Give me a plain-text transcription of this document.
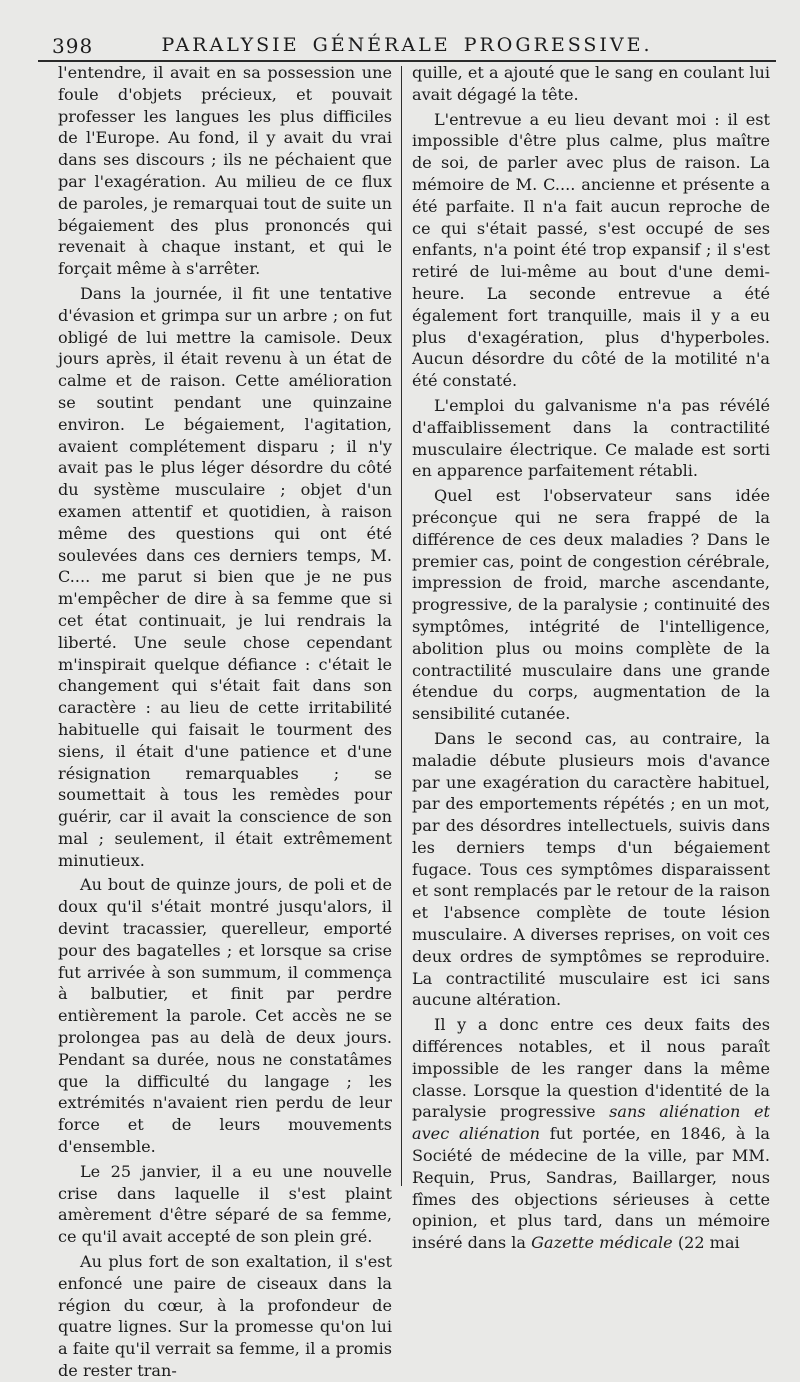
398	PARALYSIE GÉNÉRALE PROGRESSIVE.

l'entendre, il avait en sa possession une foule d'objets précieux, et pouvait professer les langues les plus difficiles de l'Europe. Au fond, il y avait du vrai dans ses discours ; ils ne péchaient que par l'exagération. Au milieu de ce flux de paroles, je remarquai tout de suite un bégaiement des plus prononcés qui revenait à chaque instant, et qui le forçait même à s'arrêter.

Dans la journée, il fit une tentative d'évasion et grimpa sur un arbre ; on fut obligé de lui mettre la camisole. Deux jours après, il était revenu à un état de calme et de raison. Cette amélioration se soutint pendant une quinzaine environ. Le bégaiement, l'agitation, avaient complétement disparu ; il n'y avait pas le plus léger désordre du côté du système musculaire ; objet d'un examen attentif et quotidien, à raison même des questions qui ont été soulevées dans ces derniers temps, M. C.... me parut si bien que je ne pus m'empêcher de dire à sa femme que si cet état continuait, je lui rendrais la liberté. Une seule chose cependant m'inspirait quelque défiance : c'était le changement qui s'était fait dans son caractère : au lieu de cette irritabilité habituelle qui faisait le tourment des siens, il était d'une patience et d'une résignation remarquables ; se soumettait à tous les remèdes pour guérir, car il avait la conscience de son mal ; seulement, il était extrêmement minutieux.

Au bout de quinze jours, de poli et de doux qu'il s'était montré jusqu'alors, il devint tracassier, querelleur, emporté pour des bagatelles ; et lorsque sa crise fut arrivée à son summum, il commença à balbutier, et finit par perdre entièrement la parole. Cet accès ne se prolongea pas au delà de deux jours. Pendant sa durée, nous ne constatâmes que la difficulté du langage ; les extrémités n'avaient rien perdu de leur force et de leurs mouvements d'ensemble.

Le 25 janvier, il a eu une nouvelle crise dans laquelle il s'est plaint amèrement d'être séparé de sa femme, ce qu'il avait accepté de son plein gré.

Au plus fort de son exaltation, il s'est enfoncé une paire de ciseaux dans la région du cœur, à la profondeur de quatre lignes. Sur la promesse qu'on lui a faite qu'il verrait sa femme, il a promis de rester tran-

quille, et a ajouté que le sang en coulant lui avait dégagé la tête.

L'entrevue a eu lieu devant moi : il est impossible d'être plus calme, plus maître de soi, de parler avec plus de raison. La mémoire de M. C.... ancienne et présente a été parfaite. Il n'a fait aucun reproche de ce qui s'était passé, s'est occupé de ses enfants, n'a point été trop expansif ; il s'est retiré de lui-même au bout d'une demi-heure. La seconde entrevue a été également fort tranquille, mais il y a eu plus d'exagération, plus d'hyperboles. Aucun désordre du côté de la motilité n'a été constaté.

L'emploi du galvanisme n'a pas révélé d'affaiblissement dans la contractilité musculaire électrique. Ce malade est sorti en apparence parfaitement rétabli.

Quel est l'observateur sans idée préconçue qui ne sera frappé de la différence de ces deux maladies ? Dans le premier cas, point de congestion cérébrale, impression de froid, marche ascendante, progressive, de la paralysie ; continuité des symptômes, intégrité de l'intelligence, abolition plus ou moins complète de la contractilité musculaire dans une grande étendue du corps, augmentation de la sensibilité cutanée.

Dans le second cas, au contraire, la maladie débute plusieurs mois d'avance par une exagération du caractère habituel, par des emportements répétés ; en un mot, par des désordres intellectuels, suivis dans les derniers temps d'un bégaiement fugace. Tous ces symptômes disparaissent et sont remplacés par le retour de la raison et l'absence complète de toute lésion musculaire. A diverses reprises, on voit ces deux ordres de symptômes se reproduire. La contractilité musculaire est ici sans aucune altération.

Il y a donc entre ces deux faits des différences notables, et il nous paraît impossible de les ranger dans la même classe. Lorsque la question d'identité de la paralysie progressive sans aliénation et avec aliénation fut portée, en 1846, à la Société de médecine de la ville, par MM. Requin, Prus, Sandras, Baillarger, nous fîmes des objections sérieuses à cette opinion, et plus tard, dans un mémoire inséré dans la Gazette médicale (22 mai
